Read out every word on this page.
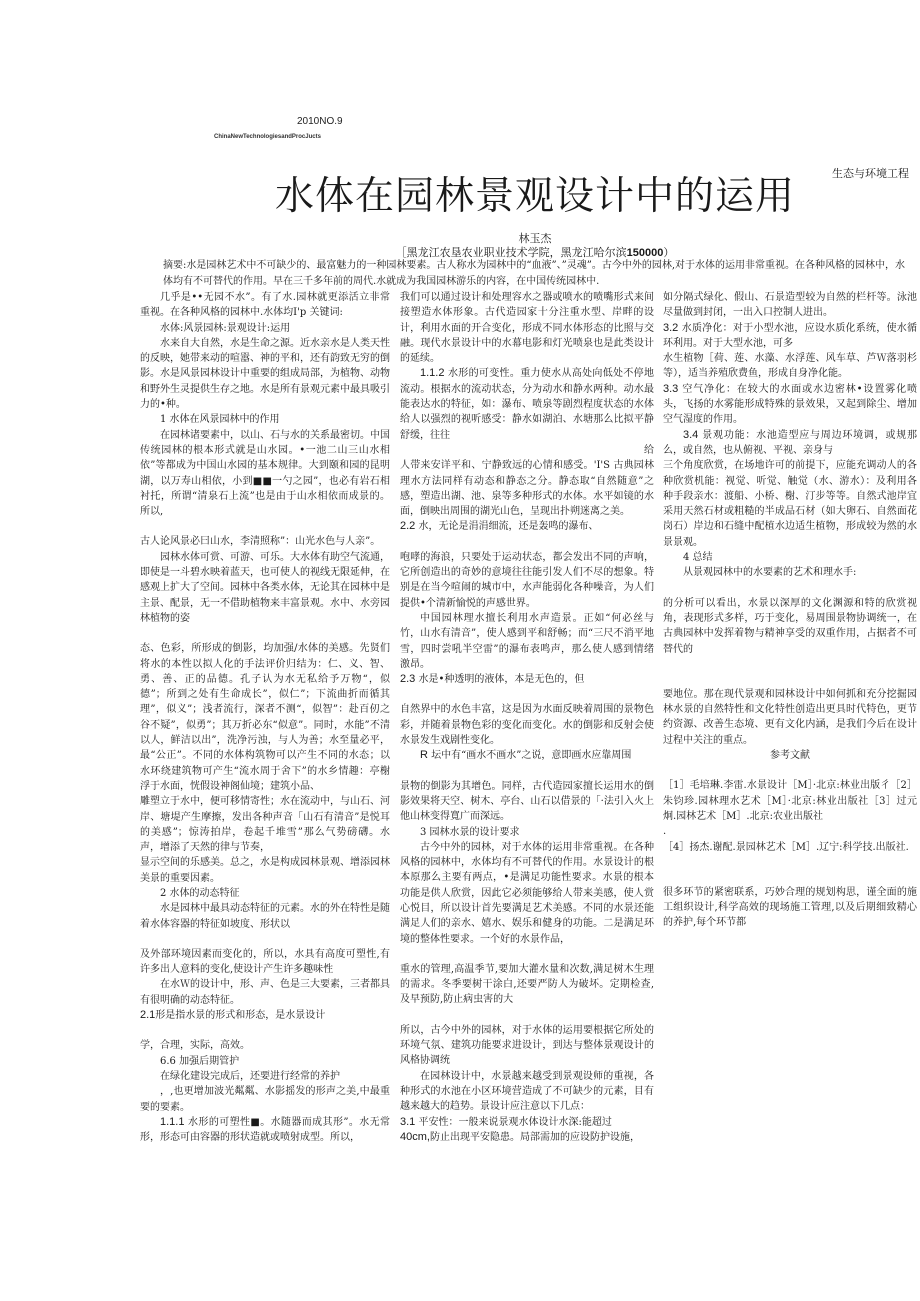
2010NO.9
ChinaNewTechnologiesandProcJucts
生态与环境工程
水体在园林景观设计中的运用
林玉杰
［黑龙江农垦农业职业技术学院，黑龙江哈尔滨150000）
摘要:水是园林艺术中不可缺少的、最富魅力的一种园林要素。古人称水为园林中的“血液”、”灵魂”。古今中外的园林,对于水体的运用非常重视。在各种风格的园林中，水体均有不可替代的作用。早在三千多年前的周代.水就成为我国园林游乐的内容，在中国传统园林中.

几乎是••无园不水”。有了水.园林就更添活立非常重视。在各种风格的园林中.水体均Ⅰ'p 关键词:

水体:风景园林:景观设计:运用

水来自大自然，水是生命之源。近水亲水是人类天性的反映，她带来动的喧嚣、神的平和，还有韵致无穷的倒影。水是风景园林设计中重要的组成局部，为植物、动物和野外生灵提供生存之地。水是所有景观元素中最具吸引力的•种。

1 水体在风景园林中的作用

在园林诸要素中，以山、石与水的关系最密切。中国传统园林的根本形式就是山水园。•一池二山三山水相依”等都成为中国山水园的基本规律。大到颐和园的昆明湖，以万寿山相依，小到■■一勺之园”，也必有岩石相衬托，所谓“清泉石上流”也是由于山水相依而成景的。所以,

古人论风景必曰山水，李清照称”：山光水色与人亲”。

园林水体可赏、可游、可乐。大水体有助空气流通，即使是一斗碧水映着蓝天，也可使人的视线无限延伸，在感观上扩大了空间。园林中各类水体，无论其在园林中是主景、配景，无一不借助植物来丰富景观。水中、水旁园林植物的姿

态、色彩，所形成的倒影，均加强/水体的美感。先贤们将水的本性以拟人化的手法评价归结为：仁、义、智、勇、善、正的品德。孔子认为水无私给予万物“，似德”；所到之处有生命成长”，似仁”；下流曲折而循其理”，似义”；浅者流行，深者不测“，似智”：赴百仞之谷不疑”，似勇”；其万折必东“似意”。同时，水能”不清以人，鲜洁以出”，洗净污浊，与人为善；水至量必平，最“公正”。不同的水体构筑物可以产生不同的水态；以水环绕建筑物可产生“流水周于舍下”的水乡情趣：亭榭浮于水面，恍假设神阁仙境；建筑小品、

雕塑立于水中，便可移情寄性；水在流动中，与山石、河岸、塘堤产生摩擦，发出各种声音「山石有清音”是悦耳的美感”；惊涛拍岸，卷起千堆雪”那么气势磅礴。水声，增添了天然的律与节奏，

显示空间的乐感美。总之，水是构成园林景观、增添园林美景的重要因素。

2 水体的动态特征

水是园林中最具动态特征的元素。水的外在特性是随着水体容器的特征如坡度、形状以

及外部环境因素而变化的，所以，水具有高度可塑性,有许多出人意料的变化,使设计产生许多趣味性

在水Ｗ的设计中，形、声、色是三大要素，三者都具有很明确的动态特征。

2.1形是指水景的形式和形态，是水景设计

学，合理，实际，高效。

6.6 加强后期管护

在绿化建设完成后，还要进行经常的养护

，,也更增加波光粼粼、水影摇发的形声之美,中最重要的要素。

1.1.1 水形的可塑性■。水随器而成其形”。水无常形，形态可由容器的形状造就或喷射成型。所以，

我们可以通过设计和处理容水之器或喷水的喷嘴形式来间接塑造水体形象。古代造园家十分注重水型、岸畔的设计，利用水面的开合变化，形成不同水体形态的比照与交融。现代水景设计中的水幕电影和灯光喷泉也是此类设计的延续。

1.1.2 水形的可变性。重力使水从高处向低处不停地流动。根据水的流动状态，分为动水和静水两种。动水最能表达水的特征，如：瀑布、喷泉等剧烈程度状态的水体给人以强烈的视听感受：静水如湖泊、水塘那么比拟平静舒缓，往往

给

人带来安详平和、宁静致远的心情和感受。'I'S 古典园林理水方法同样有动态和静态之分。静态取“自然随意”之感，塑造出湖、池、泉等多种形式的水体。水平如镜的水面，倒映出周围的湖光山色，呈现出扑朔迷离之美。

2.2 水，无论是涓涓细流，还是轰鸣的瀑布、

咆哮的海浪，只要处于运动状态，都会发出不同的声响，它所创造出的奇妙的意境往往能引发人们不尽的想象。特别是在当今喧闹的城市中，水声能弱化各种噪音，为人们提供•个清新愉悦的声感世界。

中国园林理水擅长利用水声造景。正如“何必丝与竹，山水有清音”，使人感到平和舒畅；而“三尺不消平地雪，四时尝吼半空雷”的瀑布表鸣声，那么使人感到情绪激昂。

2.3 水是•种透明的液体，本是无色的，但

自然界中的水色丰富，这是因为水面反映着周围的景物色彩，并随着景物色彩的变化而变化。水的倒影和反射会使水景发生戏剧性变化。

R 坛中有“画水不画水”之说，意即画水应靠周围

景物的倒影为其增色。同样，古代造园家擅长运用水的倒影效果将天空、树木、亭台、山石以借景的「·法引入火上他山林变得寬广而深远。

3 园林水景的设计要求

古今中外的园林，对于水体的运用非常重视。在各种风格的园林中，水体均有不可替代的作用。水景设计的根本原那么主要有两点，•是满足功能性要求。水景的根本功能是供人欣赏，因此它必须能够给人带来美感，使人赏心悦目，所以设计首先要满足艺术美感。不同的水景还能满足人们的亲水、嬉水、娱乐和健身的功能。二是满足环境的整体性要求。一个好的水景作品，

重水的管理,高温季节,要加大灌水量和次数,满足树木生理的需求。冬季要树干涂白,还要严防人为破坏。定期检查,及早预防,防止病虫害的大

所以，古今中外的园林，对于水体的运用要根据它所处的环境气氛、建筑功能要求进设计，到达与整体景观设计的风格协调统

在园林设计中，水景越来越受到景观设师的重视，各种形式的水池在小区环境营造成了不可缺少的元素，目有越来越大的趋势。景设计应注意以下几点：

3.1 平安性：一般来说景观水体设计水深:能超过

40cm,防止出现平安隐患。局部需加的应设防护设施，

如分隔式绿化、假山、石景造型较为自然的栏杆等。泳池尽量做到封闭，一出入口控制人进出。

3.2 水质净化：对于小型水池，应设水质化系统，使水循环利用。对于大型水池，可多

水生植物［荷、莲、水藻、水浮莲、风车草、芦Ｗ落羽杉等），适当养殖欣费鱼，形成自身净化能。

3.3 空气净化：在较大的水面或水边密林•设置雾化喷头，飞扬的水雾能形成特殊的景效果，又起到除尘、增加空气湿度的作用。

3.4 景观功能：水池造型应与周边环境调，或规那么，或自然，也从俯视、平视、亲身与

三个角度欣赏，在场地许可的前提下，应能充调动人的各种欣赏机能：视觉、听觉、触觉（水、游水）：及利用各种手段亲水：渡船、小桥、榭、汀步等等。自然式池岸宜采用天然石材或粗糙的半成品石材（如大卵石、自然面花岗石）岸边和石缝中配植水边适生植物，形成较为然的水景景观。

4 总结

从景观园林中的水要素的艺术和理水手:

的分析可以看出，水景以深厚的文化渊源和特的欣赏视角，表现形式多样，巧于变化，易周围景物协调统一，在古典园林中发挥着物与精神享受的双重作用，占据者不可替代的

要地位。那在现代景观和园林设计中如何抓和充分挖掘园林水景的自然特性和文化特性创造出更具时代特色，更节约资源、改善生态境、更有文化内涵，是我们今后在设计过程中关注的重点。

参考文献

［1］毛培琳.李雷.水景设计［M］·北京:林业出版彳［2］朱钧珍.园林理水艺术［M］·北京:林业出版社［3］过元炯.园林艺术［M］.北京:农业出版社

.

［4］扬杰.谢配.景园林艺术［M］.辽宁:科学技.出版社.

很多环节的紧密联系，巧妙合理的规划构思，谨全面的施工组织设计,科学高效的现场施工管理,以及后期细致精心的养护,每个环节都
